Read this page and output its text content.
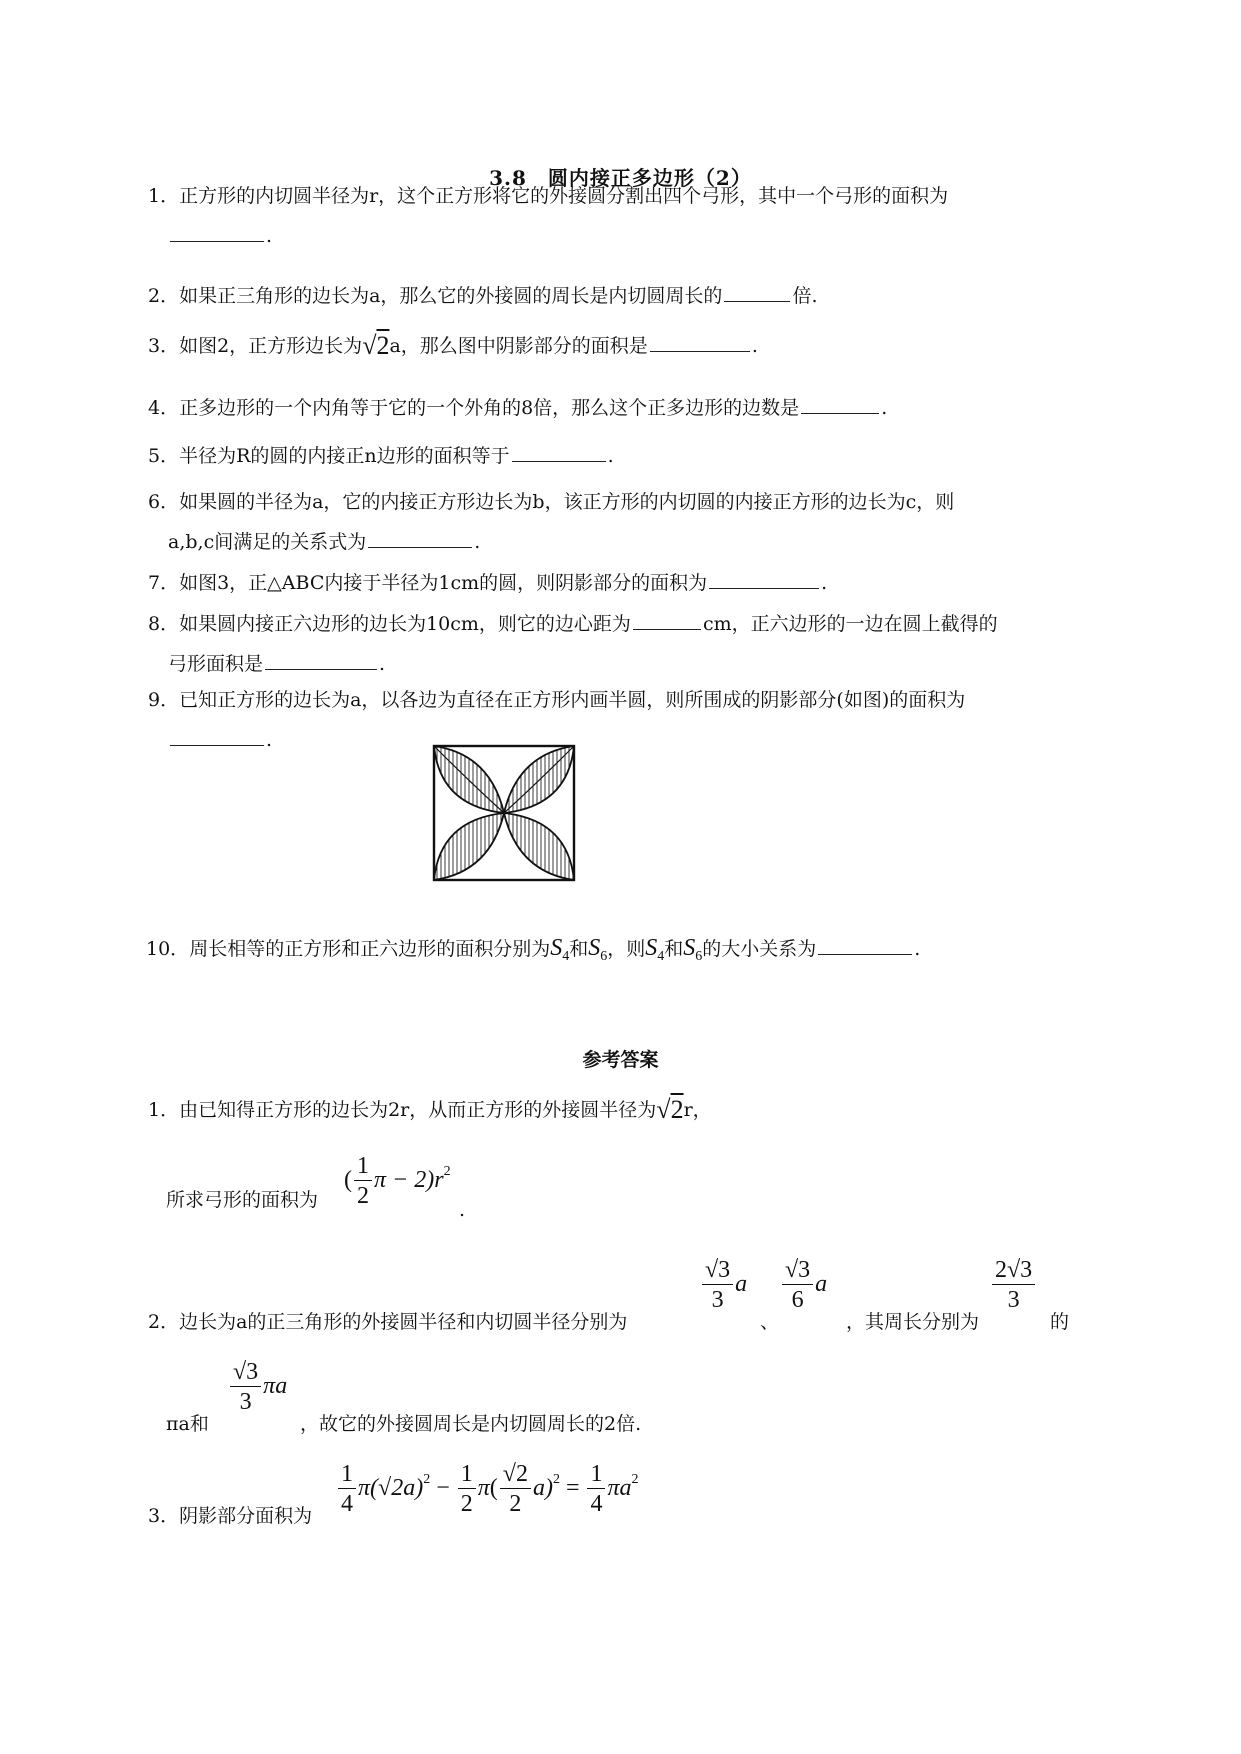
3.8　圆内接正多边形（2）
1．正方形的内切圆半径为r，这个正方形将它的外接圆分割出四个弓形，其中一个弓形的面积为
.
2．如果正三角形的边长为a，那么它的外接圆的周长是内切圆周长的	倍.
3．如图2，正方形边长为√2a，那么图中阴影部分的面积是	.
4．正多边形的一个内角等于它的一个外角的8倍，那么这个正多边形的边数是	.
5．半径为R的圆的内接正n边形的面积等于	.
6．如果圆的半径为a，它的内接正方形边长为b，该正方形的内切圆的内接正方形的边长为c，则
a,b,c间满足的关系式为	.
7．如图3，正△ABC内接于半径为1cm的圆，则阴影部分的面积为	.
8．如果圆内接正六边形的边长为10cm，则它的边心距为	cm，正六边形的一边在圆上截得的
弓形面积是	.
9．已知正方形的边长为a，以各边为直径在正方形内画半圆，则所围成的阴影部分(如图)的面积为
.
10．周长相等的正方形和正六边形的面积分别为$S_4$和$S_6$，则$S_4$和$S_6$的大小关系为	.
参考答案
1．由已知得正方形的边长为2r，从而正方形的外接圆半径为√2r，
所求弓形的面积为
( $\frac{1}{2}$ $\pi - 2)r^2$
.
2．边长为a的正三角形的外接圆半径和内切圆半径分别为
$\frac{√3}{3}$ a
、
$\frac{√3}{6}$ a
，其周长分别为
$\frac{2√3}{3}$
的
πa和
$\frac{√3}{3}$ πa
，故它的外接圆周长是内切圆周长的2倍.
3．阴影部分面积为	$\frac{1}{4} \pi(√2a)^2 - \frac{1}{2} \pi( \frac{√2}{2} a)^2 = \frac{1}{4} \pi a^2$
